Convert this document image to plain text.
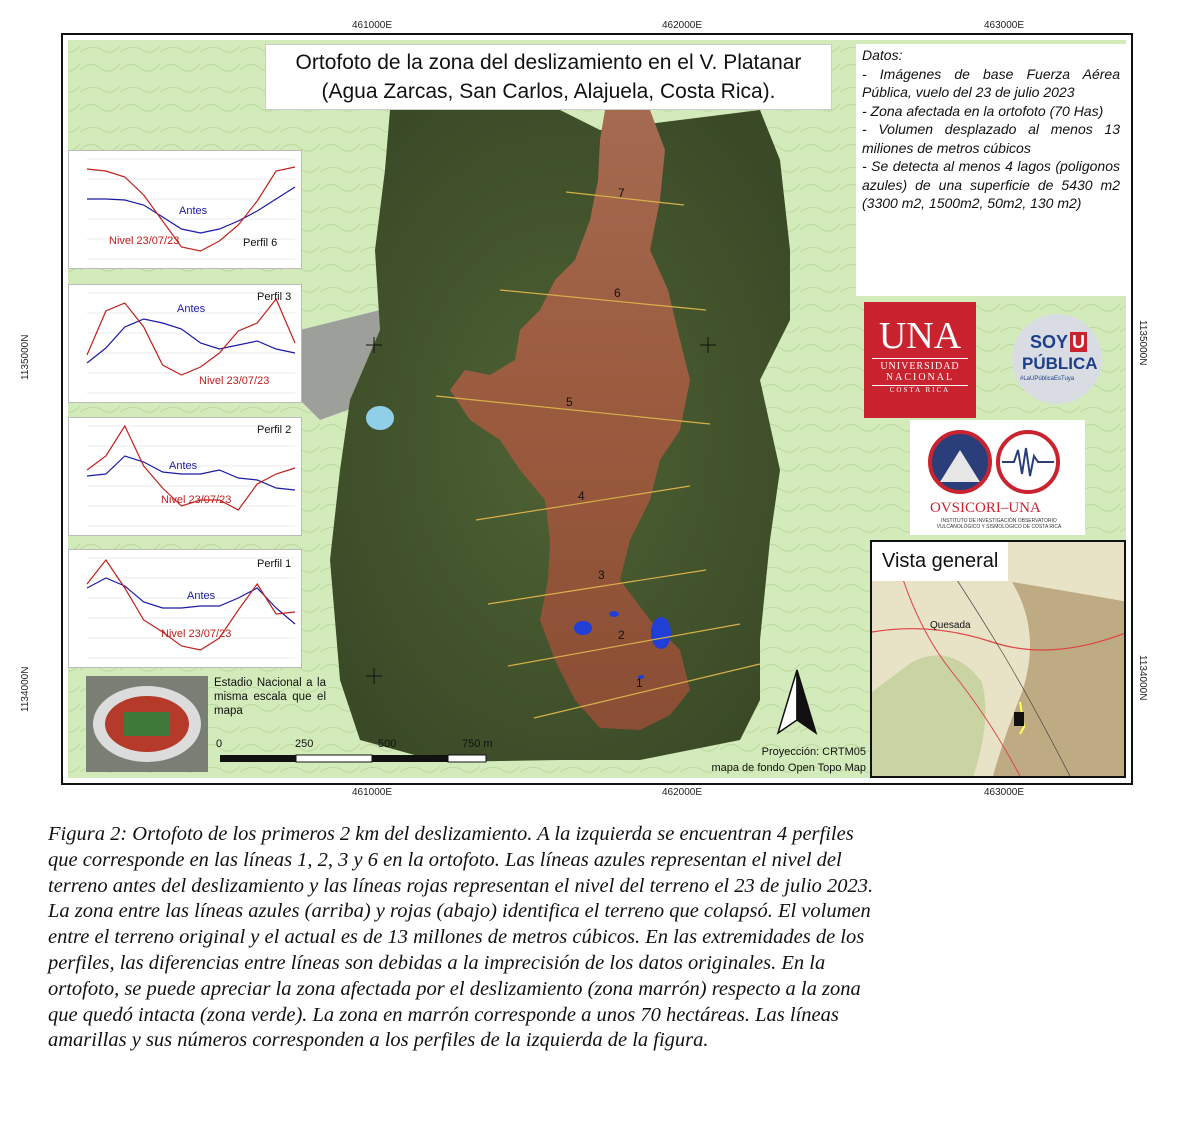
461000E	462000E	463000E
461000E	462000E	463000E
1135000N
1134000N
1135000N
1134000N
7
6
5
4
3
2
1
Ortofoto de la zona del deslizamiento en el V. Platanar
(Agua Zarcas, San Carlos, Alajuela, Costa Rica).
Datos:
- Imágenes de base Fuerza Aérea Pública, vuelo del 23 de julio 2023
- Zona afectada en la ortofoto (70 Has)
- Volumen desplazado al menos 13 miliones de metros cúbicos
- Se detecta al menos 4 lagos (poligonos azules) de una superficie de 5430 m2 (3300 m2, 1500m2, 50m2, 130 m2)
Antes
Nivel 23/07/23	Perfil 6
Antes
Nivel 23/07/23
Perfil 3
Antes
Nivel 23/07/23
Perfil 2
Antes
Nivel 23/07/23
Perfil 1
Estadio Nacional a la misma escala que el mapa
0	250	500	750 m
Proyección: CRTM05
mapa de fondo Open Topo Map
UNA
UNIVERSIDAD
NACIONAL
COSTA RICA
SOY U
PÚBLICA
#LaUPúblicaEsTuya
OVSICORI–UNA
INSTITUTO DE INVESTIGACIÓN OBSERVATORIO VULCANOLÓGICO Y SISMOLÓGICO DE COSTA RICA
Vista general
Quesada
Figura 2: Ortofoto de los primeros 2 km del deslizamiento. A la izquierda se encuentran 4 perfiles
que corresponde en las líneas 1, 2, 3 y 6 en la ortofoto. Las líneas azules representan el nivel del
terreno antes del deslizamiento y las líneas rojas representan el nivel del terreno el 23 de julio 2023.
La zona entre las líneas azules (arriba) y rojas (abajo) identifica el terreno que colapsó. El volumen
entre el terreno original y el actual es de 13 millones de metros cúbicos. En las extremidades de los
perfiles, las diferencias entre líneas son debidas a la imprecisión de los datos originales. En la
ortofoto, se puede apreciar la zona afectada por el deslizamiento (zona marrón) respecto a la zona
que quedó intacta (zona verde). La zona en marrón corresponde a unos 70 hectáreas. Las líneas
amarillas y sus números corresponden a los perfiles de la izquierda de la figura.
